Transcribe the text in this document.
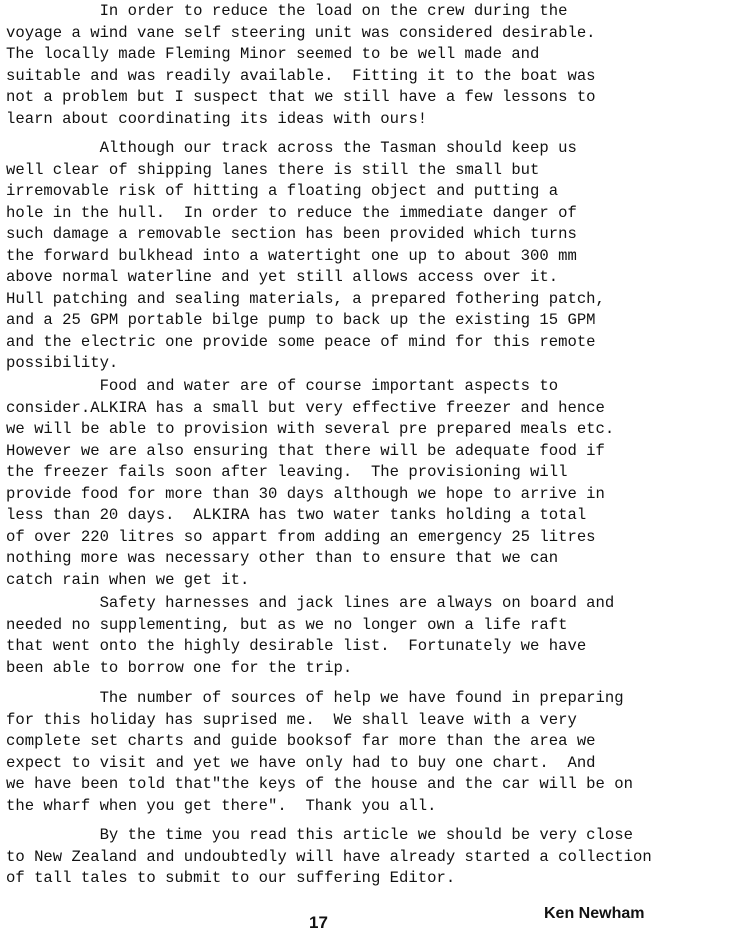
In order to reduce the load on the crew during the
voyage a wind vane self steering unit was considered desirable.
The locally made Fleming Minor seemed to be well made and
suitable and was readily available.  Fitting it to the boat was
not a problem but I suspect that we still have a few lessons to
learn about coordinating its ideas with ours!
Although our track across the Tasman should keep us
well clear of shipping lanes there is still the small but
irremovable risk of hitting a floating object and putting a
hole in the hull.  In order to reduce the immediate danger of
such damage a removable section has been provided which turns
the forward bulkhead into a watertight one up to about 300 mm
above normal waterline and yet still allows access over it.
Hull patching and sealing materials, a prepared fothering patch,
and a 25 GPM portable bilge pump to back up the existing 15 GPM
and the electric one provide some peace of mind for this remote
possibility.
Food and water are of course important aspects to
consider.ALKIRA has a small but very effective freezer and hence
we will be able to provision with several pre prepared meals etc.
However we are also ensuring that there will be adequate food if
the freezer fails soon after leaving.  The provisioning will
provide food for more than 30 days although we hope to arrive in
less than 20 days.  ALKIRA has two water tanks holding a total
of over 220 litres so appart from adding an emergency 25 litres
nothing more was necessary other than to ensure that we can
catch rain when we get it.
Safety harnesses and jack lines are always on board and
needed no supplementing, but as we no longer own a life raft
that went onto the highly desirable list.  Fortunately we have
been able to borrow one for the trip.
The number of sources of help we have found in preparing
for this holiday has suprised me.  We shall leave with a very
complete set charts and guide booksof far more than the area we
expect to visit and yet we have only had to buy one chart.  And
we have been told that"the keys of the house and the car will be on
the wharf when you get there".  Thank you all.
By the time you read this article we should be very close
to New Zealand and undoubtedly will have already started a collection
of tall tales to submit to our suffering Editor.

17	Ken Newham
